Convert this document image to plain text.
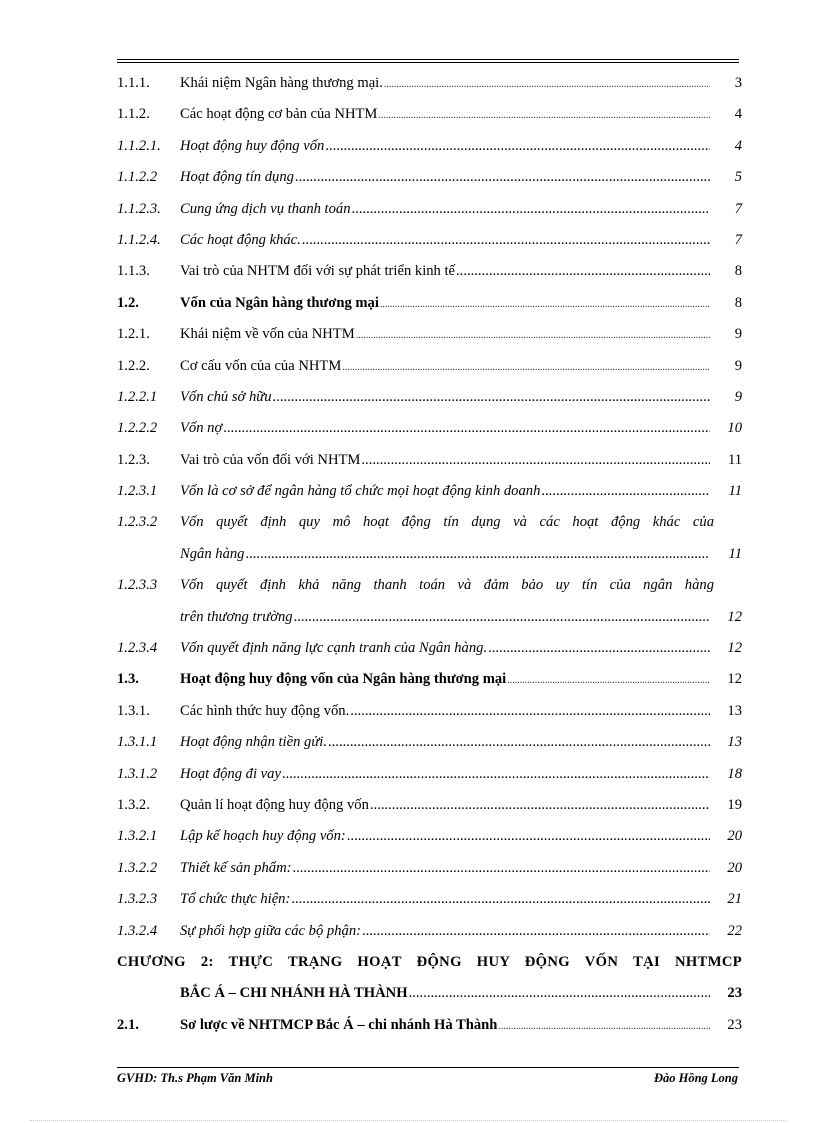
1.1.1.	Khái niệm Ngân hàng thương mại. .....	3
1.1.2.	Các hoạt động cơ bản của NHTM .....	4
1.1.2.1.	Hoạt động huy động vốn .....	4
1.1.2.2	Hoạt động tín dụng .....	5
1.1.2.3.	Cung ứng dịch vụ thanh toán .....	7
1.1.2.4.	Các hoạt động khác. .....	7
1.1.3.	Vai trò của NHTM đối với sự phát triển kinh tế .....	8
1.2.	Vốn của Ngân hàng thương mại .....	8
1.2.1.	Khái niệm về vốn của NHTM .....	9
1.2.2.	Cơ cấu vốn của của NHTM .....	9
1.2.2.1	Vốn chủ sở hữu .....	9
1.2.2.2	Vốn nợ .....	10
1.2.3.	Vai trò của vốn đối với NHTM .....	11
1.2.3.1	Vốn là cơ sở để ngân hàng tổ chức mọi hoạt động kinh doanh .....	11
1.2.3.2	Vốn quyết định quy mô hoạt động tín dụng và các hoạt động khác của
Ngân hàng .....	11
1.2.3.3	Vốn quyết định khả năng thanh toán và đảm bảo uy tín của ngân hàng
trên thương trường .....	12
1.2.3.4	Vốn quyết định năng lực cạnh tranh của Ngân hàng. .....	12
1.3.	Hoạt động huy động vốn của Ngân hàng thương mại .....	12
1.3.1.	Các hình thức huy động vốn. .....	13
1.3.1.1	Hoạt động nhận tiền gửi. .....	13
1.3.1.2	Hoạt động đi vay .....	18
1.3.2.	Quản lí hoạt động huy động vốn .....	19
1.3.2.1	Lập kế hoạch huy động vốn: .....	20
1.3.2.2	Thiết kế sản phẩm: .....	20
1.3.2.3	Tổ chức thực hiện: .....	21
1.3.2.4	Sự phối hợp giữa các bộ phận: .....	22
CHƯƠNG 2: THỰC TRẠNG HOẠT ĐỘNG HUY ĐỘNG VỐN TẠI NHTMCP
BẮC Á – CHI NHÁNH HÀ THÀNH .....	23
2.1.	Sơ lược về NHTMCP Bắc Á – chi nhánh Hà Thành .....	23
GVHD: Th.s Phạm Văn Minh	Đào Hồng Long
